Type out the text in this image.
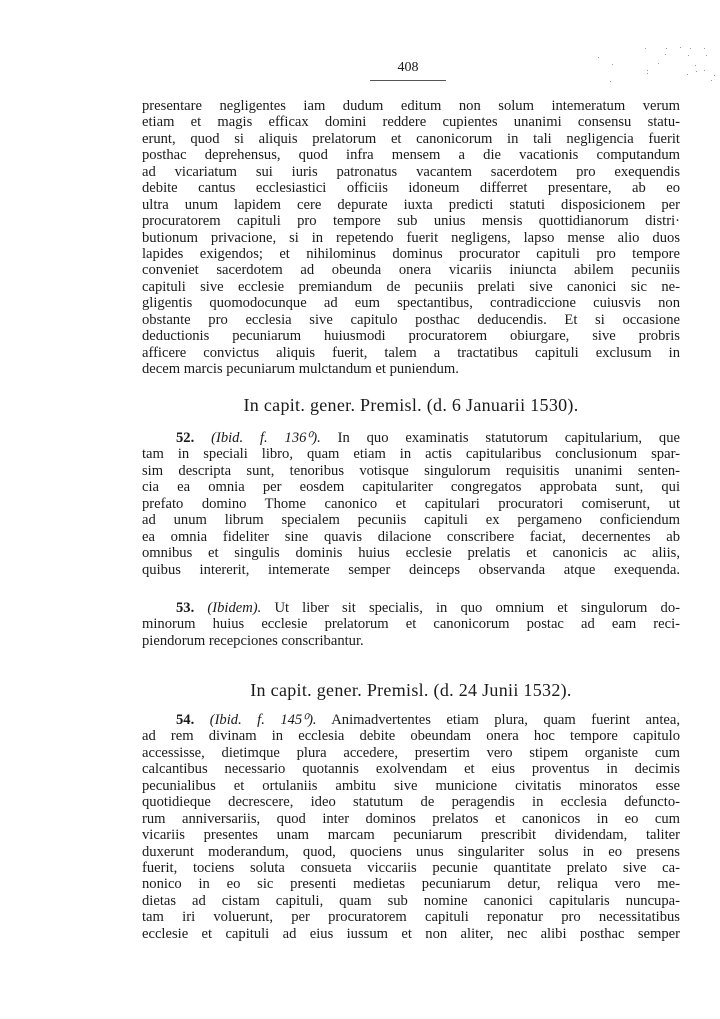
408
presentare negligentes iam dudum editum non solum intemeratum verum
etiam et magis efficax domini reddere cupientes unanimi consensu statu-
erunt, quod si aliquis prelatorum et canonicorum in tali negligencia fuerit
posthac deprehensus, quod infra mensem a die vacationis computandum
ad vicariatum sui iuris patronatus vacantem sacerdotem pro exequendis
debite cantus ecclesiastici officiis idoneum differret presentare, ab eo
ultra unum lapidem cere depurate iuxta predicti statuti disposicionem per
procuratorem capituli pro tempore sub unius mensis quottidianorum distri·
butionum privacione, si in repetendo fuerit negligens, lapso mense alio duos
lapides exigendos; et nihilominus dominus procurator capituli pro tempore
conveniet sacerdotem ad obeunda onera vicariis iniuncta abilem pecuniis
capituli sive ecclesie premiandum de pecuniis prelati sive canonici sic ne-
gligentis quomodocunque ad eum spectantibus, contradiccione cuiusvis non
obstante pro ecclesia sive capitulo posthac deducendis. Et si occasione
deductionis pecuniarum huiusmodi procuratorem obiurgare, sive probris
afficere convictus aliquis fuerit, talem a tractatibus capituli exclusum in
decem marcis pecuniarum mulctandum et puniendum.
In capit. gener. Premisl. (d. 6 Januarii 1530).
52. (Ibid. f. 136⁰). In quo examinatis statutorum capitularium, que
tam in speciali libro, quam etiam in actis capitularibus conclusionum spar-
sim descripta sunt, tenoribus votisque singulorum requisitis unanimi senten-
cia ea omnia per eosdem capitulariter congregatos approbata sunt, qui
prefato domino Thome canonico et capitulari procuratori comiserunt, ut
ad unum librum specialem pecuniis capituli ex pergameno conficiendum
ea omnia fideliter sine quavis dilacione conscribere faciat, decernentes ab
omnibus et singulis dominis huius ecclesie prelatis et canonicis ac aliis,
quibus intererit, intemerate semper deinceps observanda atque exequenda.
53. (Ibidem). Ut liber sit specialis, in quo omnium et singulorum do-
minorum huius ecclesie prelatorum et canonicorum postac ad eam reci-
piendorum recepciones conscribantur.
In capit. gener. Premisl. (d. 24 Junii 1532).
54. (Ibid. f. 145⁰). Animadvertentes etiam plura, quam fuerint antea,
ad rem divinam in ecclesia debite obeundam onera hoc tempore capitulo
accessisse, dietimque plura accedere, presertim vero stipem organiste cum
calcantibus necessario quotannis exolvendam et eius proventus in decimis
pecunialibus et ortulaniis ambitu sive municione civitatis minoratos esse
quotidieque decrescere, ideo statutum de peragendis in ecclesia defuncto-
rum anniversariis, quod inter dominos prelatos et canonicos in eo cum
vicariis presentes unam marcam pecuniarum prescribit dividendam, taliter
duxerunt moderandum, quod, quociens unus singulariter solus in eo presens
fuerit, tociens soluta consueta viccariis pecunie quantitate prelato sive ca-
nonico in eo sic presenti medietas pecuniarum detur, reliqua vero me-
dietas ad cistam capituli, quam sub nomine canonici capitularis nuncupa-
tam iri voluerunt, per procuratorem capituli reponatur pro necessitatibus
ecclesie et capituli ad eius iussum et non aliter, nec alibi posthac semper
